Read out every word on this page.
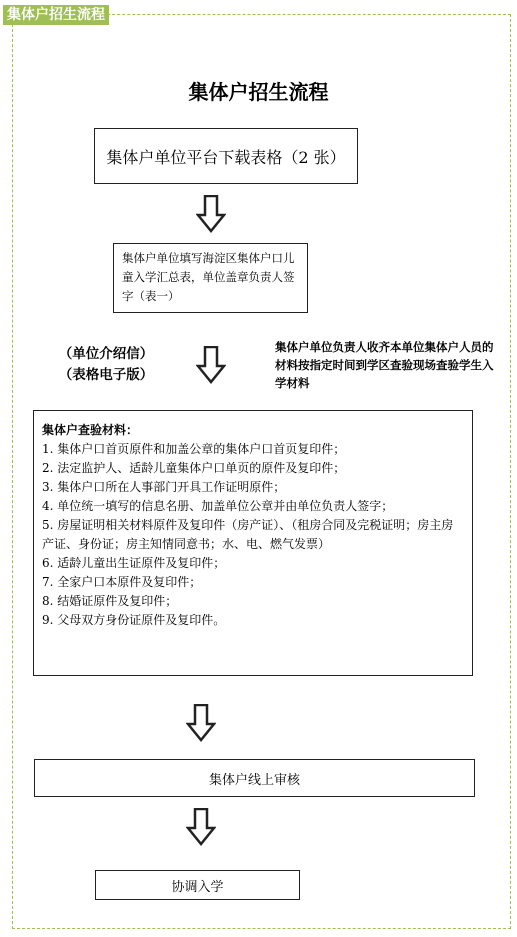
集体户招生流程
集体户招生流程
集体户单位平台下载表格（2 张）
集体户单位填写海淀区集体户口儿童入学汇总表，单位盖章负责人签字（表一）
（单位介绍信）
（表格电子版）
集体户单位负责人收齐本单位集体户人员的材料按指定时间到学区查验现场查验学生入学材料
集体户查验材料：
1. 集体户口首页原件和加盖公章的集体户口首页复印件；
2. 法定监护人、适龄儿童集体户口单页的原件及复印件；
3. 集体户口所在人事部门开具工作证明原件；
4. 单位统一填写的信息名册、加盖单位公章并由单位负责人签字；
5. 房屋证明相关材料原件及复印件（房产证）、（租房合同及完税证明；房主房产证、身份证；房主知情同意书；水、电、燃气发票）
6. 适龄儿童出生证原件及复印件；
7. 全家户口本原件及复印件；
8. 结婚证原件及复印件；
9. 父母双方身份证原件及复印件。
集体户线上审核
协调入学
